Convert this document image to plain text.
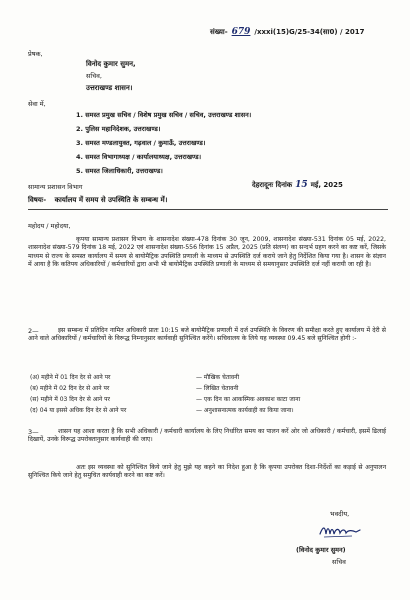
संख्या- 679 /xxxi(15)G/25-34(सा0) / 2017
प्रेषक,
विनोद कुमार सुमन,
सचिव,
उत्तराखण्ड शासन।
सेवा में,
1. समस्त प्रमुख सचिव / विशेष प्रमुख सचिव / सचिव, उत्तराखण्ड शासन।
2. पुलिस महानिदेशक, उत्तराखण्ड।
3. समस्त मण्डलायुक्त, गढ़वाल / कुमाऊँ, उत्तराखण्ड।
4. समस्त विभागाध्यक्ष / कार्यालयाध्यक्ष, उत्तराखण्ड।
5. समस्त जिलाधिकारी, उत्तराखण्ड।
सामान्य प्रशासन विभाग	देहरादूनः दिनांक 15 मई, 2025
विषयः- कार्यालय में समय से उपस्थिति के सम्बन्ध में।
महोदय / महोदया,
कृपया सामान्य प्रशासन विभाग के शासनादेश संख्या-478 दिनांक 30 जून, 2009, शासनादेश संख्या-531 दिनांक 05 मई, 2022, शासनादेश संख्या-579 दिनांक 18 मई, 2022 एवं शासनादेश संख्या-556 दिनांक 15 अप्रैल, 2025 (प्रति संलग्न) का सन्दर्भ ग्रहण करने का कष्ट करें, जिसके माध्यम से राज्य के समस्त कार्यालय में समय से बायोमैट्रिक उपस्थिति प्रणाली के माध्यम से उपस्थिति दर्ज कराये जाने हेतु निर्देशित किया गया है। शासन के संज्ञान में आया है कि कतिपय अधिकारियों / कर्मचारियों द्वारा अभी भी बायोमैट्रिक उपस्थिति प्रणाली के माध्यम से समयानुसार उपस्थिति दर्ज नहीं करायी जा रही है।
2—	इस सम्बन्ध में प्रतिदिन नामित अधिकारी प्रातः 10:15 बजे बायोमैट्रिक प्रणाली में दर्ज उपस्थिति के विवरण की समीक्षा करते हुए कार्यालय में देरी से आने वाले अधिकारियों / कर्मचारियों के विरूद्ध निम्नानुसार कार्यवाही सुनिश्चित करेंगे। सचिवालय के लिये यह व्यवस्था 09.45 बजे सुनिश्चित होगी :-
(अ) महीने में 01 दिन देर से आने पर	— मौखिक चेतावनी
(ब) महीने में 02 दिन देर से आने पर	— लिखित चेतावनी
(स) महीने में 03 दिन देर से आने पर	— एक दिन का आकस्मिक अवकाश काटा जाना
(द) 04 या इससे अधिक दिन देर से आने पर	— अनुशासनात्मक कार्यवाही का किया जाना।
3—	शासन यह आशा करता है कि सभी अधिकारी / कर्मचारी कार्यालय के लिए निर्धारित समय का पालन करें ओर जो अधिकारी / कर्मचारी, इसमें ढिलाई दिखायें, उनके विरूद्ध उपरोक्तानुसार कार्यवाही की जाए।
अतः इस व्यवस्था को सुनिश्चित किये जाने हेतु मुझे यह कहने का निदेश हुआ है कि कृपया उपरोक्त दिशा-निर्देशों का कड़ाई से अनुपालन सुनिश्चित किये जाने हेतु समुचित कार्यवाही करने का कष्ट करें।
भवदीय,
(विनोद कुमार सुमन)
सचिव
